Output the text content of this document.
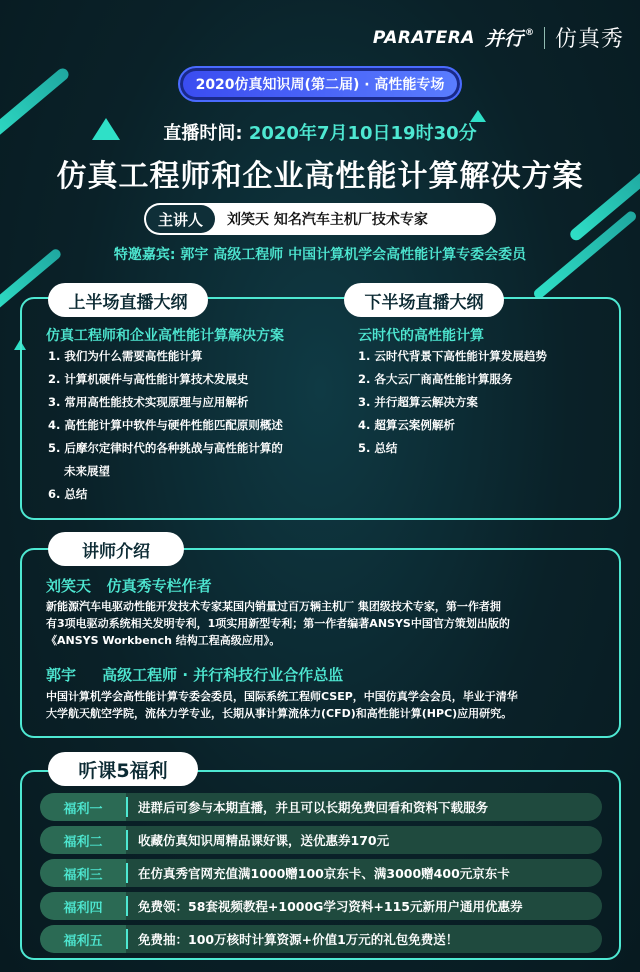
PARATERA 并行 ® 仿真秀
2020仿真知识周(第二届) · 高性能专场
直播时间: 2020年7月10日19时30分
仿真工程师和企业高性能计算解决方案
主讲人	刘笑天 知名汽车主机厂技术专家
特邀嘉宾: 郭宇 高级工程师 中国计算机学会高性能计算专委会委员
上半场直播大纲	下半场直播大纲
仿真工程师和企业高性能计算解决方案
1. 我们为什么需要高性能计算
2. 计算机硬件与高性能计算技术发展史
3. 常用高性能技术实现原理与应用解析
4. 高性能计算中软件与硬件性能匹配原则概述
5. 后摩尔定律时代的各种挑战与高性能计算的
未来展望
6. 总结
云时代的高性能计算
1. 云时代背景下高性能计算发展趋势
2. 各大云厂商高性能计算服务
3. 并行超算云解决方案
4. 超算云案例解析
5. 总结
讲师介绍
刘笑天   仿真秀专栏作者
新能源汽车电驱动性能开发技术专家某国内销量过百万辆主机厂 集团级技术专家，第一作者拥
有3项电驱动系统相关发明专利，1项实用新型专利；第一作者编著ANSYS中国官方策划出版的
《ANSYS Workbench 结构工程高级应用》。
郭宇     高级工程师 · 并行科技行业合作总监
中国计算机学会高性能计算专委会委员，国际系统工程师CSEP，中国仿真学会会员，毕业于清华
大学航天航空学院，流体力学专业，长期从事计算流体力(CFD)和高性能计算(HPC)应用研究。
听课5福利
福利一	进群后可参与本期直播，并且可以长期免费回看和资料下载服务
福利二	收藏仿真知识周精品课好课，送优惠券170元
福利三	在仿真秀官网充值满1000赠100京东卡、满3000赠400元京东卡
福利四	免费领：58套视频教程+1000G学习资料+115元新用户通用优惠券
福利五	免费抽：100万核时计算资源+价值1万元的礼包免费送！
